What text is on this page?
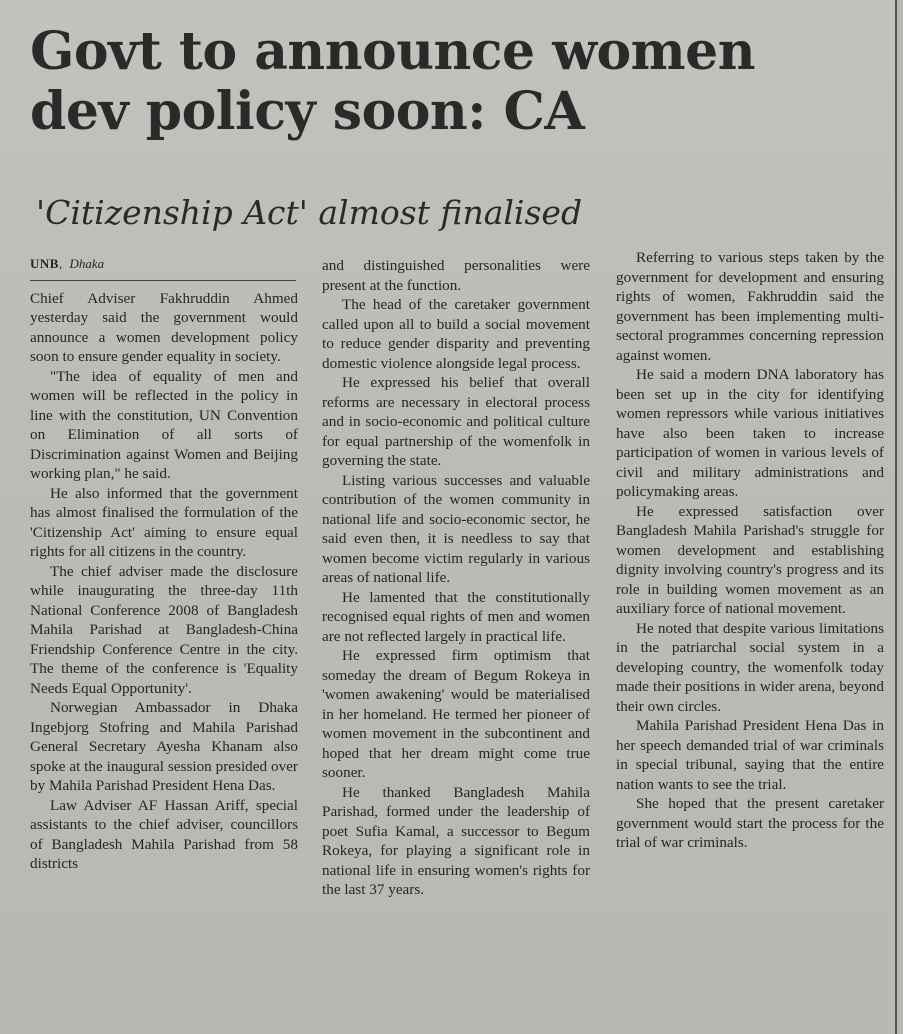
Govt to announce women
dev policy soon: CA
'Citizenship Act' almost finalised
UNB, Dhaka

Chief Adviser Fakhruddin Ahmed yesterday said the government would announce a women development policy soon to ensure gender equality in society.

"The idea of equality of men and women will be reflected in the policy in line with the constitution, UN Convention on Elimination of all sorts of Discrimination against Women and Beijing working plan," he said.

He also informed that the government has almost finalised the formulation of the 'Citizenship Act' aiming to ensure equal rights for all citizens in the country.

The chief adviser made the disclosure while inaugurating the three-day 11th National Conference 2008 of Bangladesh Mahila Parishad at Bangladesh-China Friendship Conference Centre in the city. The theme of the conference is 'Equality Needs Equal Opportunity'.

Norwegian Ambassador in Dhaka Ingebjorg Stofring and Mahila Parishad General Secretary Ayesha Khanam also spoke at the inaugural session presided over by Mahila Parishad President Hena Das.

Law Adviser AF Hassan Ariff, special assistants to the chief adviser, councillors of Bangladesh Mahila Parishad from 58 districts

and distinguished personalities were present at the function.

The head of the caretaker government called upon all to build a social movement to reduce gender disparity and preventing domestic violence alongside legal process.

He expressed his belief that overall reforms are necessary in electoral process and in socio-economic and political culture for equal partnership of the womenfolk in governing the state.

Listing various successes and valuable contribution of the women community in national life and socio-economic sector, he said even then, it is needless to say that women become victim regularly in various areas of national life.

He lamented that the constitutionally recognised equal rights of men and women are not reflected largely in practical life.

He expressed firm optimism that someday the dream of Begum Rokeya in 'women awakening' would be materialised in her homeland. He termed her pioneer of women movement in the subcontinent and hoped that her dream might come true sooner.

He thanked Bangladesh Mahila Parishad, formed under the leadership of poet Sufia Kamal, a successor to Begum Rokeya, for playing a significant role in national life in ensuring women's rights for the last 37 years.

Referring to various steps taken by the government for development and ensuring rights of women, Fakhruddin said the government has been implementing multi-sectoral programmes concerning repression against women.

He said a modern DNA laboratory has been set up in the city for identifying women repressors while various initiatives have also been taken to increase participation of women in various levels of civil and military administrations and policymaking areas.

He expressed satisfaction over Bangladesh Mahila Parishad's struggle for women development and establishing dignity involving country's progress and its role in building women movement as an auxiliary force of national movement.

He noted that despite various limitations in the patriarchal social system in a developing country, the womenfolk today made their positions in wider arena, beyond their own circles.

Mahila Parishad President Hena Das in her speech demanded trial of war criminals in special tribunal, saying that the entire nation wants to see the trial.

She hoped that the present caretaker government would start the process for the trial of war criminals.
